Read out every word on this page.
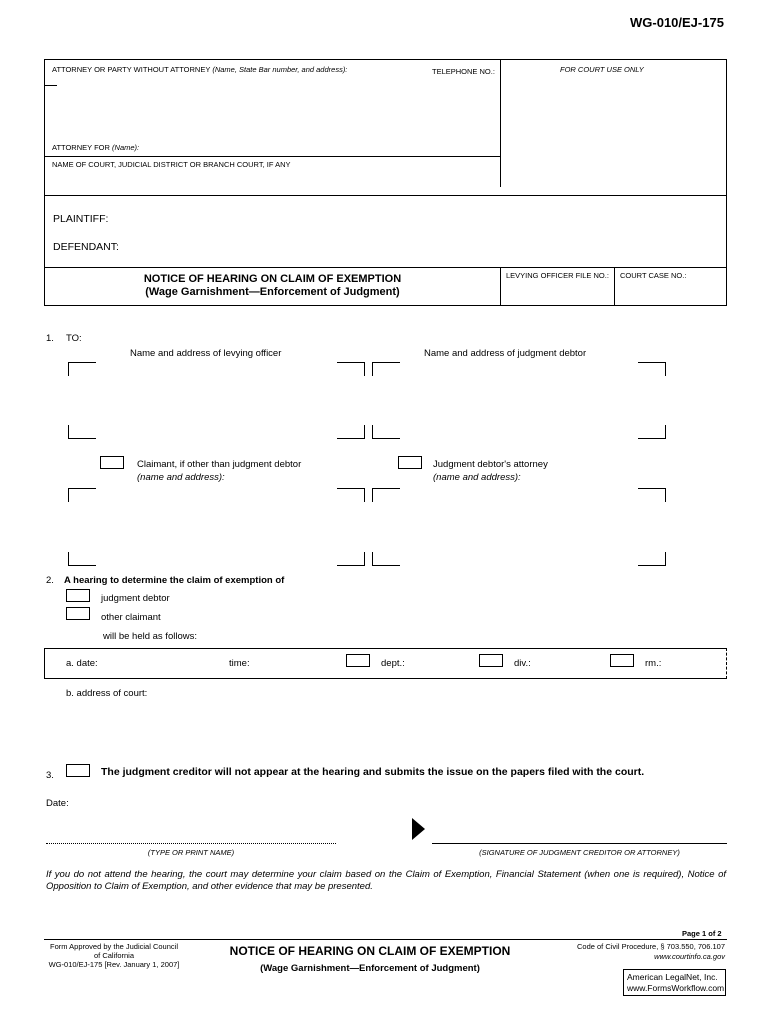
WG-010/EJ-175
ATTORNEY OR PARTY WITHOUT ATTORNEY (Name, State Bar number, and address):	TELEPHONE NO.:	FOR COURT USE ONLY
ATTORNEY FOR (Name):
NAME OF COURT, JUDICIAL DISTRICT OR BRANCH COURT, IF ANY
PLAINTIFF:
DEFENDANT:
NOTICE OF HEARING ON CLAIM OF EXEMPTION
(Wage Garnishment—Enforcement of Judgment)
LEVYING OFFICER FILE NO.: COURT CASE NO.:
1. TO:
Name and address of levying officer	Name and address of judgment debtor
Claimant, if other than judgment debtor
(name and address):
Judgment debtor's attorney
(name and address):
2. A hearing to determine the claim of exemption of
judgment debtor
other claimant
will be held as follows:
a. date:	time:	dept.:	div.:	rm.:
b. address of court:
3.	The judgment creditor will not appear at the hearing and submits the issue on the papers filed with the court.
Date:
(TYPE OR PRINT NAME)	(SIGNATURE OF JUDGMENT CREDITOR OR ATTORNEY)
If you do not attend the hearing, the court may determine your claim based on the Claim of Exemption, Financial Statement (when one is required), Notice of Opposition to Claim of Exemption, and other evidence that may be presented.
Page 1 of 2
Form Approved by the Judicial Council
of California
WG-010/EJ-175 [Rev. January 1, 2007]
NOTICE OF HEARING ON CLAIM OF EXEMPTION
(Wage Garnishment—Enforcement of Judgment)
Code of Civil Procedure, § 703.550, 706.107
www.courtinfo.ca.gov
American LegalNet, Inc.
www.FormsWorkflow.com
